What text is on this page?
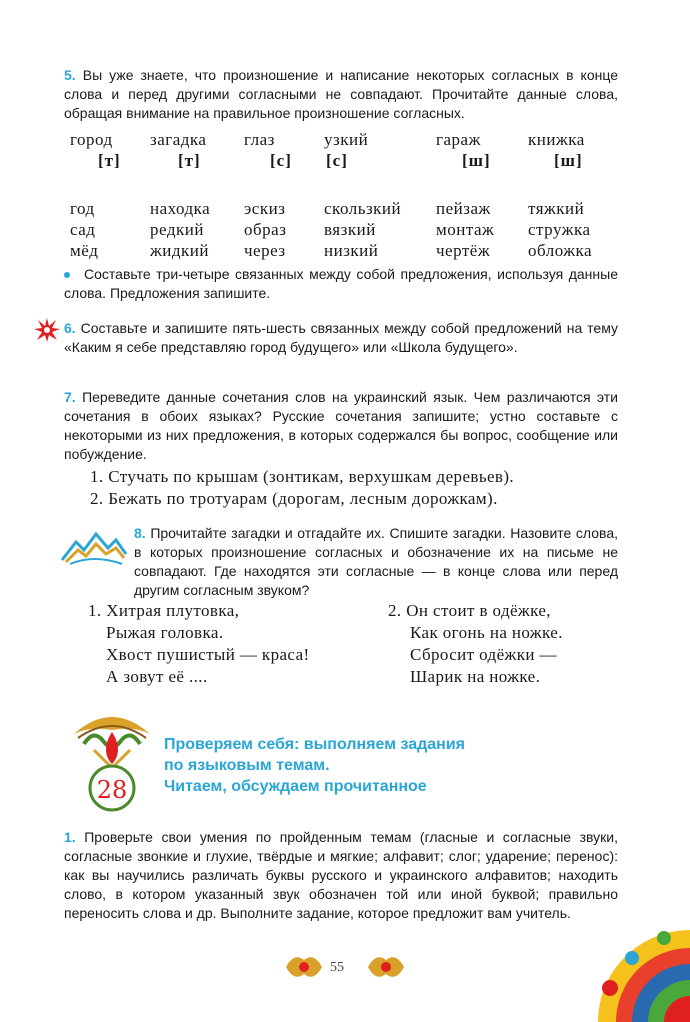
5. Вы уже знаете, что произношение и написание некоторых согласных в конце слова и перед другими согласными не совпадают. Прочитайте данные слова, обращая внимание на правильное произношение согласных.
город
[т]
год
сад
мёд
загадка
[т]
находка
редкий
жидкий
глаз
[с]
эскиз
образ
через
узкий
[с]
скользкий
вязкий
низкий
гараж
[ш]
пейзаж
монтаж
чертёж
книжка
[ш]
тяжкий
стружка
обложка
Составьте три-четыре связанных между собой предложения, используя данные слова. Предложения запишите.
6. Составьте и запишите пять-шесть связанных между собой предложений на тему «Каким я себе представляю город будущего» или «Школа будущего».
7. Переведите данные сочетания слов на украинский язык. Чем различаются эти сочетания в обоих языках? Русские сочетания запишите; устно составьте с некоторыми из них предложения, в которых содержался бы вопрос, сообщение или побуждение.
1. Стучать по крышам (зонтикам, верхушкам деревьев).
2. Бежать по тротуарам (дорогам, лесным дорожкам).
8. Прочитайте загадки и отгадайте их. Спишите загадки. Назовите слова, в которых произношение согласных и обозначение их на письме не совпадают. Где находятся эти согласные — в конце слова или перед другим согласным звуком?
1. Хитрая плутовка,
Рыжая головка.
Хвост пушистый — краса!
А зовут её ....
2. Он стоит в одёжке,
Как огонь на ножке.
Сбросит одёжки —
Шарик на ножке.
28
Проверяем себя: выполняем задания
по языковым темам.
Читаем, обсуждаем прочитанное
1. Проверьте свои умения по пройденным темам (гласные и согласные звуки, согласные звонкие и глухие, твёрдые и мягкие; алфавит; слог; ударение; перенос): как вы научились различать буквы русского и украинского алфавитов; находить слово, в котором указанный звук обозначен той или иной буквой; правильно переносить слова и др. Выполните задание, которое предложит вам учитель.
55
